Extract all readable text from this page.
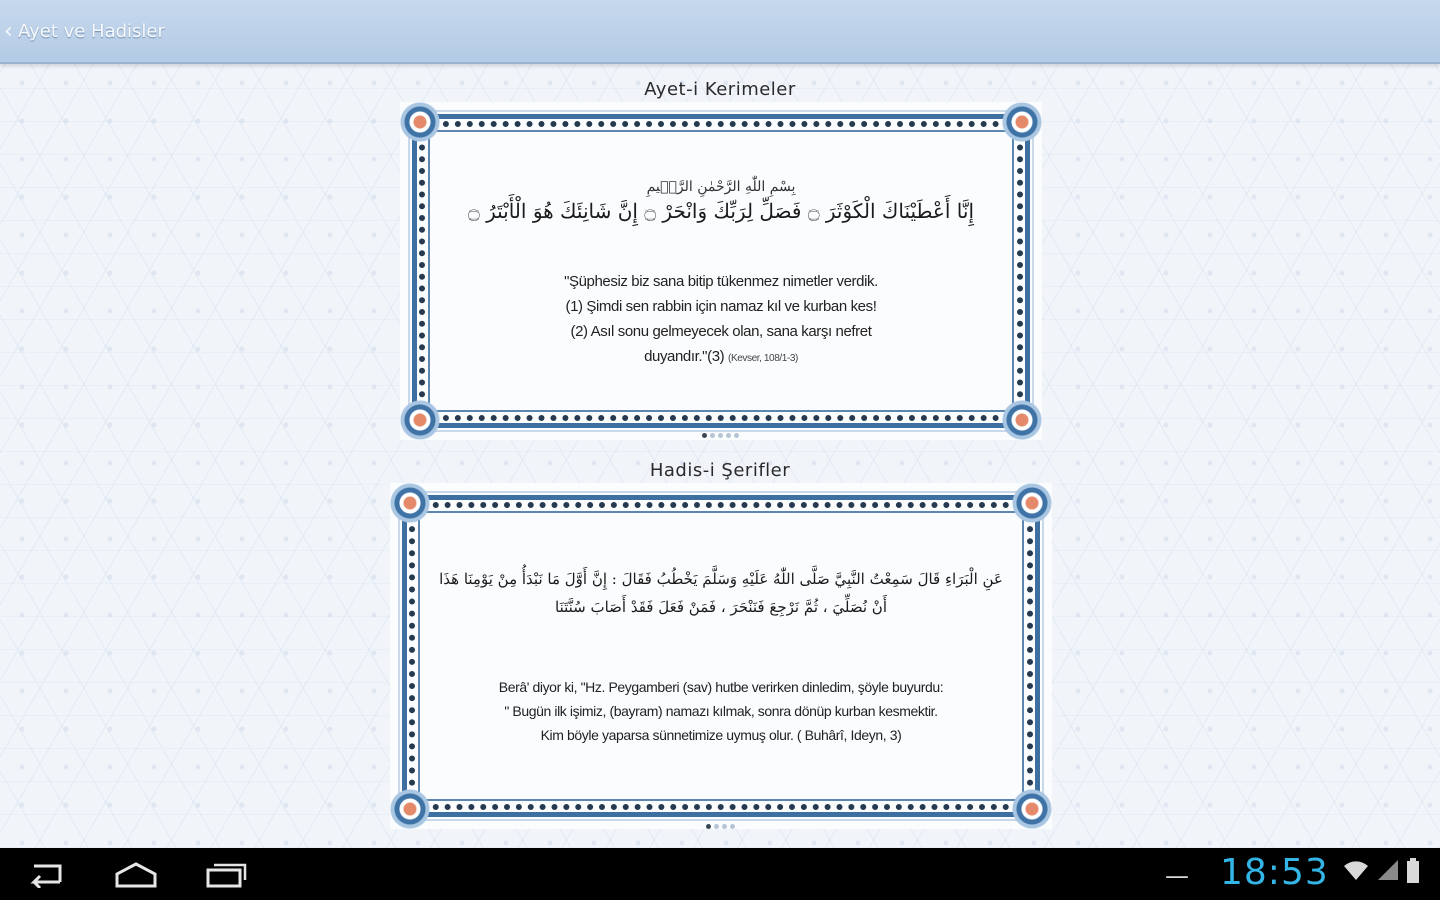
‹ Ayet ve Hadisler
Ayet-i Kerimeler
بِسْمِ اللّٰهِ الرَّحْمٰنِ الرَّح۪يمِ
إِنَّا أَعْطَيْنَاكَ الْكَوْثَرَ ۝ فَصَلِّ لِرَبِّكَ وَانْحَرْ ۝ إِنَّ شَانِئَكَ هُوَ الْأَبْتَرُ ۝
"Şüphesiz biz sana bitip tükenmez nimetler verdik.
(1) Şimdi sen rabbin için namaz kıl ve kurban kes!
(2) Asıl sonu gelmeyecek olan, sana karşı nefret
duyandır."(3) (Kevser, 108/1-3)
Hadis-i Şerifler
عَنِ الْبَرَاءِ قَالَ سَمِعْتُ النَّبِيَّ صَلَّى اللّٰهُ عَلَيْهِ وَسَلَّمَ يَخْطُبُ فَقَالَ : إِنَّ أَوَّلَ مَا نَبْدَأُ مِنْ يَوْمِنَا هَذَا أَنْ نُصَلِّيَ ، ثُمَّ نَرْجِعَ فَنَنْحَرَ ، فَمَنْ فَعَلَ فَقَدْ أَصَابَ سُنَّتَنَا
Berâ' diyor ki, "Hz. Peygamberi (sav) hutbe verirken dinledim, şöyle buyurdu:
" Bugün ilk işimiz, (bayram) namazı kılmak, sonra dönüp kurban kesmektir.
Kim böyle yaparsa sünnetimize uymuş olur. ( Buhârî, Ideyn, 3)
— 18:53
